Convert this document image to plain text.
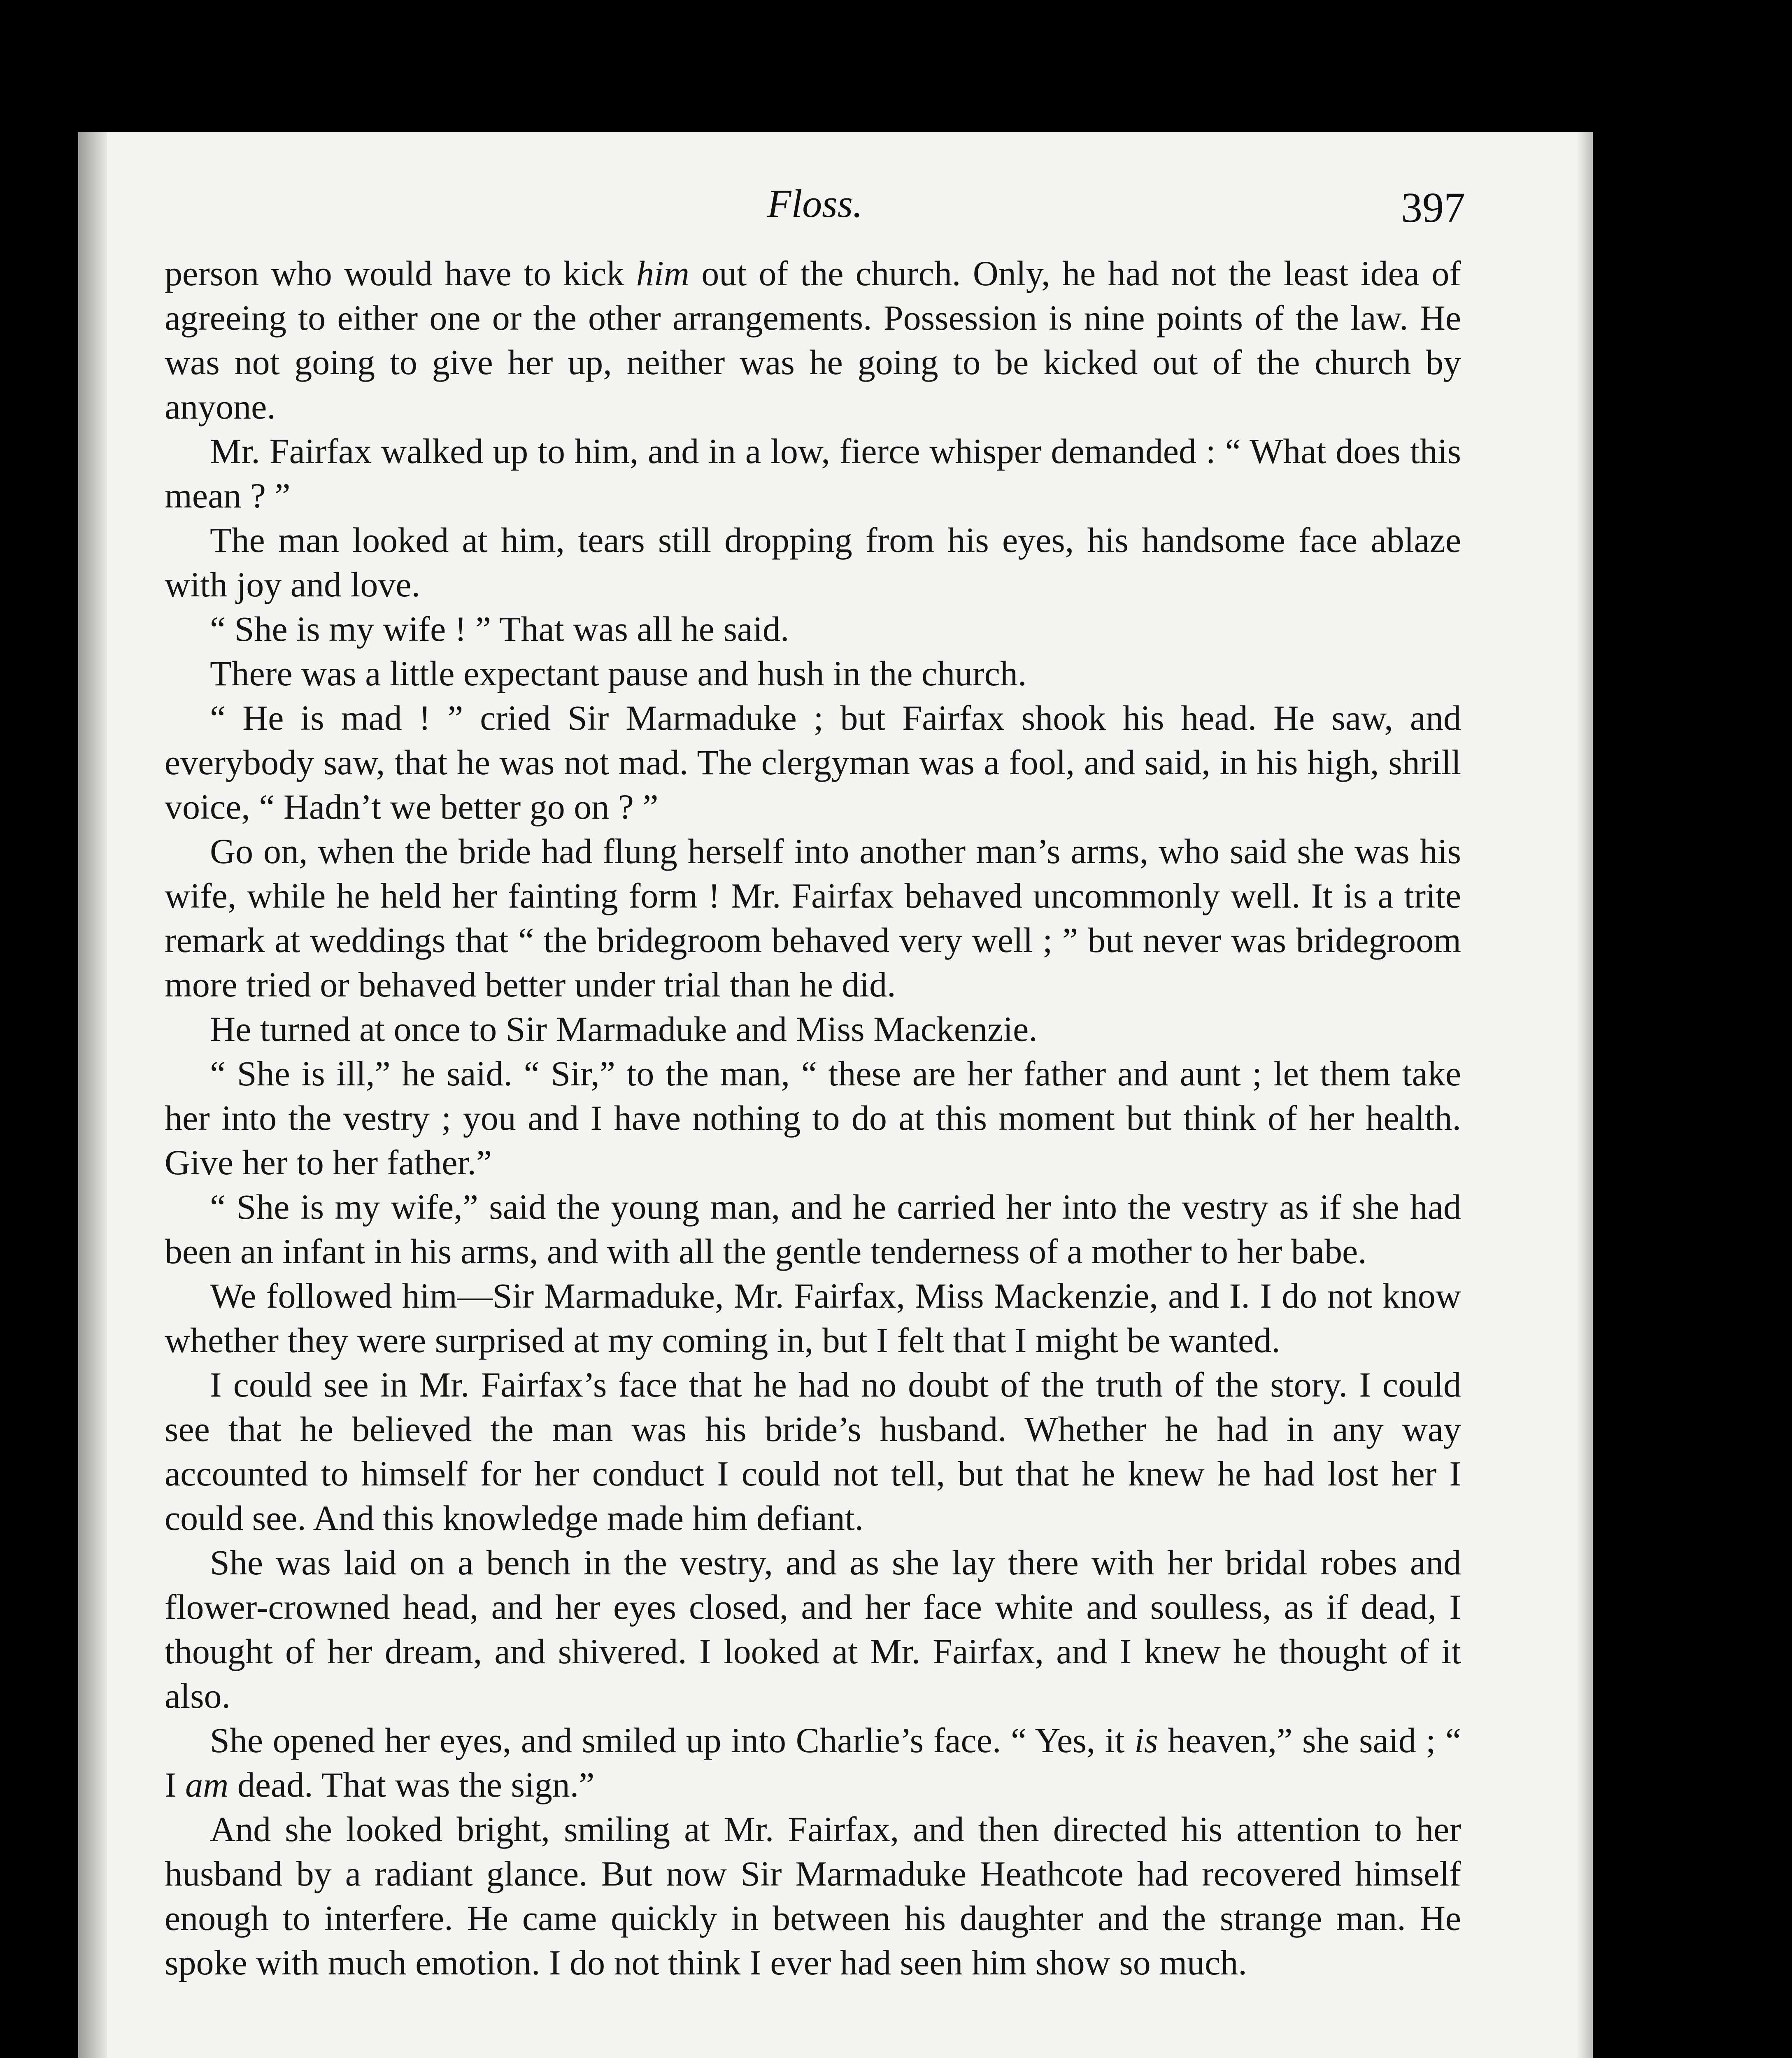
Floss.	397

person who would have to kick him out of the church. Only, he had not the least idea of agreeing to either one or the other arrangements. Possession is nine points of the law. He was not going to give her up, neither was he going to be kicked out of the church by anyone.

Mr. Fairfax walked up to him, and in a low, fierce whisper demanded : “ What does this mean ? ”

The man looked at him, tears still dropping from his eyes, his handsome face ablaze with joy and love.

“ She is my wife ! ” That was all he said.

There was a little expectant pause and hush in the church.

“ He is mad ! ” cried Sir Marmaduke ; but Fairfax shook his head. He saw, and everybody saw, that he was not mad. The clergyman was a fool, and said, in his high, shrill voice, “ Hadn’t we better go on ? ”

Go on, when the bride had flung herself into another man’s arms, who said she was his wife, while he held her fainting form ! Mr. Fairfax behaved uncommonly well. It is a trite remark at weddings that “ the bridegroom behaved very well ; ” but never was bridegroom more tried or behaved better under trial than he did.

He turned at once to Sir Marmaduke and Miss Mackenzie.

“ She is ill,” he said. “ Sir,” to the man, “ these are her father and aunt ; let them take her into the vestry ; you and I have nothing to do at this moment but think of her health. Give her to her father.”

“ She is my wife,” said the young man, and he carried her into the vestry as if she had been an infant in his arms, and with all the gentle tenderness of a mother to her babe.

We followed him—Sir Marmaduke, Mr. Fairfax, Miss Mackenzie, and I. I do not know whether they were surprised at my coming in, but I felt that I might be wanted.

I could see in Mr. Fairfax’s face that he had no doubt of the truth of the story. I could see that he believed the man was his bride’s husband. Whether he had in any way accounted to himself for her conduct I could not tell, but that he knew he had lost her I could see. And this knowledge made him defiant.

She was laid on a bench in the vestry, and as she lay there with her bridal robes and flower-crowned head, and her eyes closed, and her face white and soulless, as if dead, I thought of her dream, and shivered. I looked at Mr. Fairfax, and I knew he thought of it also.

She opened her eyes, and smiled up into Charlie’s face. “ Yes, it is heaven,” she said ; “ I am dead. That was the sign.”

And she looked bright, smiling at Mr. Fairfax, and then directed his attention to her husband by a radiant glance. But now Sir Marmaduke Heathcote had recovered himself enough to interfere. He came quickly in between his daughter and the strange man. He spoke with much emotion. I do not think I ever had seen him show so much.
